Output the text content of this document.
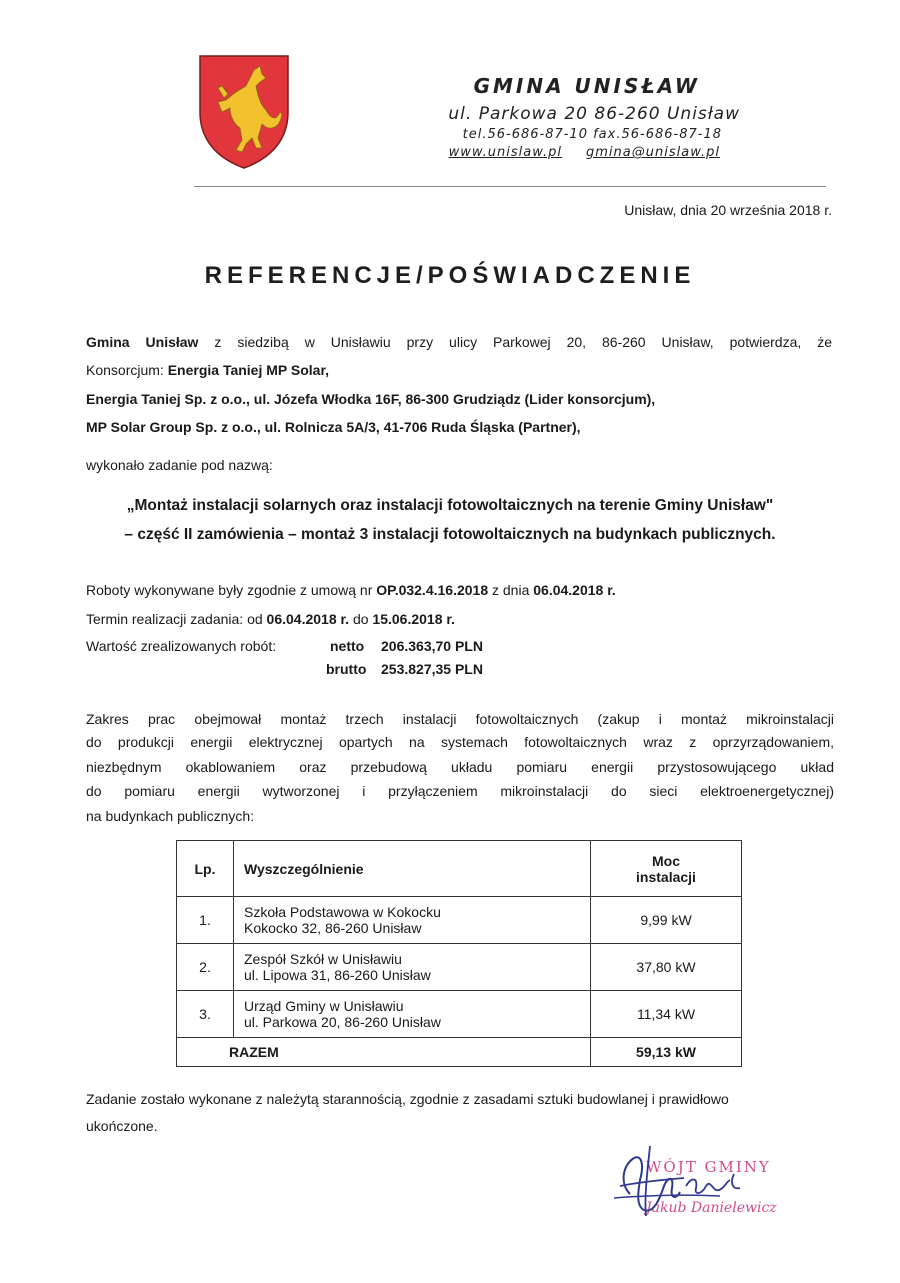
GMINA UNISŁAW
ul. Parkowa 20 86-260 Unisław
tel.56-686-87-10 fax.56-686-87-18
www.unislaw.pl gmina@unislaw.pl
Unisław, dnia 20 września 2018 r.
REFERENCJE/POŚWIADCZENIE
Gmina Unisław z siedzibą w Unisławiu przy ulicy Parkowej 20, 86-260 Unisław, potwierdza, że
Konsorcjum: Energia Taniej MP Solar,
Energia Taniej Sp. z o.o., ul. Józefa Włodka 16F, 86-300 Grudziądz (Lider konsorcjum),
MP Solar Group Sp. z o.o., ul. Rolnicza 5A/3, 41-706 Ruda Śląska (Partner),
wykonało zadanie pod nazwą:
„Montaż instalacji solarnych oraz instalacji fotowoltaicznych na terenie Gminy Unisław"
– część II zamówienia – montaż 3 instalacji fotowoltaicznych na budynkach publicznych.
Roboty wykonywane były zgodnie z umową nr OP.032.4.16.2018 z dnia 06.04.2018 r.
Termin realizacji zadania: od 06.04.2018 r. do 15.06.2018 r.
Wartość zrealizowanych robót:	netto 206.363,70 PLN
brutto 253.827,35 PLN
Zakres prac obejmował montaż trzech instalacji fotowoltaicznych (zakup i montaż mikroinstalacji
do produkcji energii elektrycznej opartych na systemach fotowoltaicznych wraz z oprzyrządowaniem,
niezbędnym okablowaniem oraz przebudową układu pomiaru energii przystosowującego układ
do pomiaru energii wytworzonej i przyłączeniem mikroinstalacji do sieci elektroenergetycznej)
na budynkach publicznych:
Lp.	Wyszczególnienie	Moc
instalacji

1.	Szkoła Podstawowa w Kokocku
Kokocko 32, 86-260 Unisław	9,99 kW
2.	Zespół Szkół w Unisławiu
ul. Lipowa 31, 86-260 Unisław	37,80 kW
3.	Urząd Gminy w Unisławiu
ul. Parkowa 20, 86-260 Unisław	11,34 kW
RAZEM		59,13 kW
Zadanie zostało wykonane z należytą starannością, zgodnie z zasadami sztuki budowlanej i prawidłowo
ukończone.
WÓJT GMINY
Jakub Danielewicz
